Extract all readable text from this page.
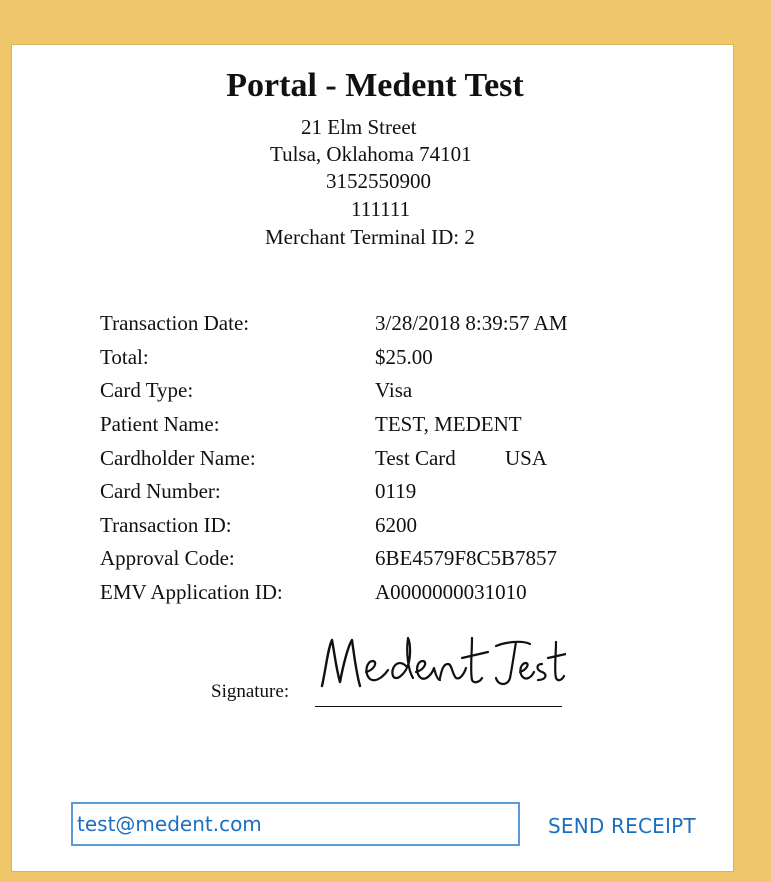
Portal - Medent Test
21 Elm Street
Tulsa, Oklahoma 74101
3152550900
111111
Merchant Terminal ID: 2
Transaction Date:	3/28/2018 8:39:57 AM
Total:	$25.00
Card Type:	Visa
Patient Name:	TEST, MEDENT
Cardholder Name:	Test Card USA
Card Number:	0119
Transaction ID:	6200
Approval Code:	6BE4579F8C5B7857
EMV Application ID:	A0000000031010
Signature:
test@medent.com
SEND RECEIPT
